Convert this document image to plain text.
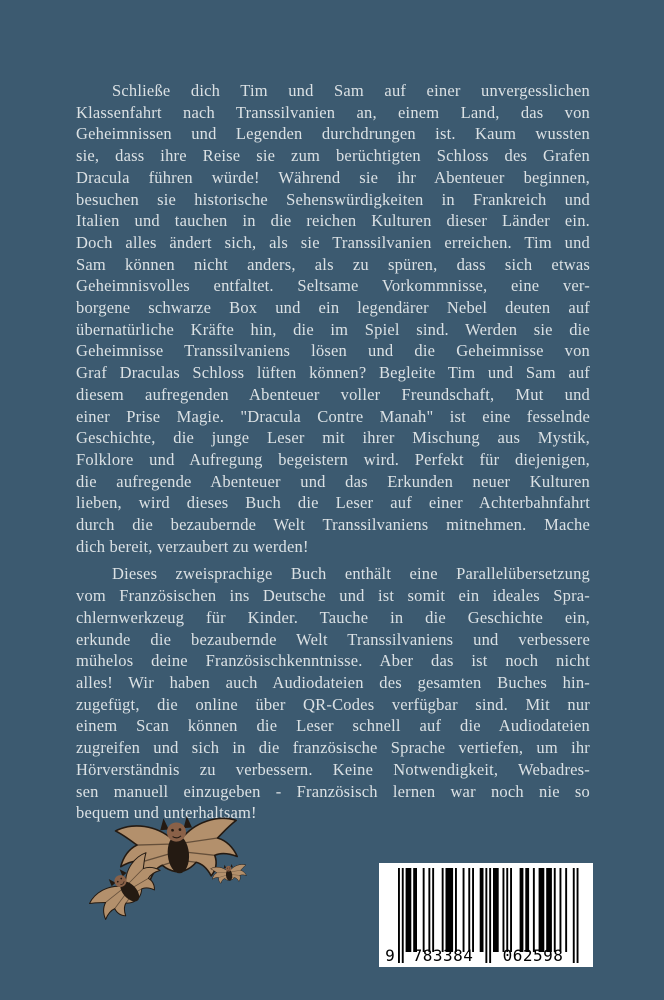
Schließe dich Tim und Sam auf einer unvergesslichen
Klassenfahrt nach Transsilvanien an, einem Land, das von
Geheimnissen und Legenden durchdrungen ist. Kaum wussten
sie, dass ihre Reise sie zum berüchtigten Schloss des Grafen
Dracula führen würde! Während sie ihr Abenteuer beginnen,
besuchen sie historische Sehenswürdigkeiten in Frankreich und
Italien und tauchen in die reichen Kulturen dieser Länder ein.
Doch alles ändert sich, als sie Transsilvanien erreichen. Tim und
Sam können nicht anders, als zu spüren, dass sich etwas
Geheimnisvolles entfaltet. Seltsame Vorkommnisse, eine ver-
borgene schwarze Box und ein legendärer Nebel deuten auf
übernatürliche Kräfte hin, die im Spiel sind. Werden sie die
Geheimnisse Transsilvaniens lösen und die Geheimnisse von
Graf Draculas Schloss lüften können? Begleite Tim und Sam auf
diesem aufregenden Abenteuer voller Freundschaft, Mut und
einer Prise Magie. "Dracula Contre Manah" ist eine fesselnde
Geschichte, die junge Leser mit ihrer Mischung aus Mystik,
Folklore und Aufregung begeistern wird. Perfekt für diejenigen,
die aufregende Abenteuer und das Erkunden neuer Kulturen
lieben, wird dieses Buch die Leser auf einer Achterbahnfahrt
durch die bezaubernde Welt Transsilvaniens mitnehmen. Mache
dich bereit, verzaubert zu werden!
Dieses zweisprachige Buch enthält eine Parallelübersetzung
vom Französischen ins Deutsche und ist somit ein ideales Spra-
chlernwerkzeug für Kinder. Tauche in die Geschichte ein,
erkunde die bezaubernde Welt Transsilvaniens und verbessere
mühelos deine Französischkenntnisse. Aber das ist noch nicht
alles! Wir haben auch Audiodateien des gesamten Buches hin-
zugefügt, die online über QR-Codes verfügbar sind. Mit nur
einem Scan können die Leser schnell auf die Audiodateien
zugreifen und sich in die französische Sprache vertiefen, um ihr
Hörverständnis zu verbessern. Keine Notwendigkeit, Webadres-
sen manuell einzugeben - Französisch lernen war noch nie so
bequem und unterhaltsam!
9	783384	062598
